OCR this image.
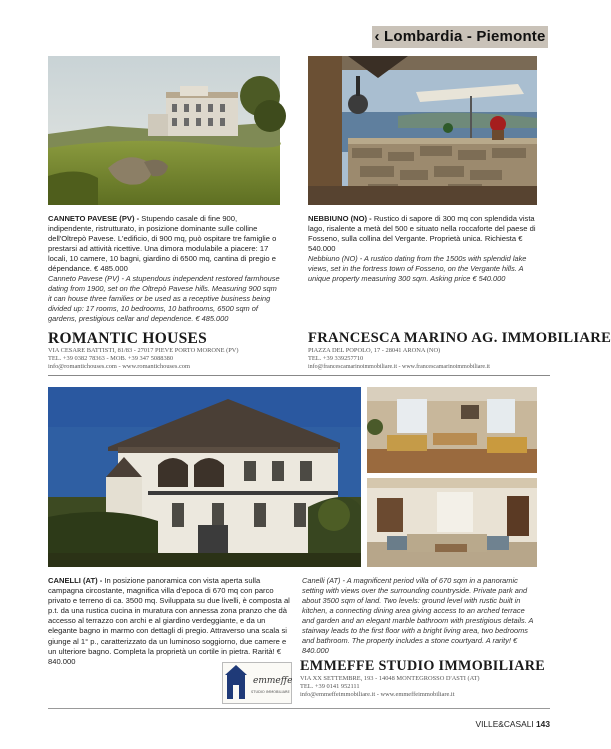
‹ Lombardia - Piemonte
CANNETO PAVESE (PV) - Stupendo casale di fine 900, indipendente, ristrutturato, in posizione dominante sulle colline dell'Oltrepò Pavese. L'edificio, di 900 mq, può ospitare tre famiglie o prestarsi ad attività ricettive. Una dimora modulabile a piacere: 17 locali, 10 camere, 10 bagni, giardino di 6500 mq, cantina di pregio e dépendance. € 485.000
Canneto Pavese (PV) - A stupendous independent restored farmhouse dating from 1900, set on the Oltrepò Pavese hills. Measuring 900 sqm it can house three families or be used as a receptive business being divided up: 17 rooms, 10 bedrooms, 10 bathrooms, 6500 sqm of gardens, prestigious cellar and dependence. € 485.000
NEBBIUNO (NO) - Rustico di sapore di 300 mq con splendida vista lago, risalente a metà del 500 e situato nella roccaforte del paese di Fosseno, sulla collina del Vergante. Proprietà unica. Richiesta € 540.000
Nebbiuno (NO) - A rustico dating from the 1500s with splendid lake views, set in the fortress town of Fosseno, on the Vergante hills. A unique property measuring 300 sqm. Asking price € 540.000
ROMANTIC HOUSES
VIA CESARE BATTISTI, 81/83 - 27017 PIEVE PORTO MORONE (PV)
TEL. +39 0382 78363 - MOB. +39 347 5088380
info@romantichouses.com - www.romantichouses.com
FRANCESCA MARINO AG. IMMOBILIARE
PIAZZA DEL POPOLO, 17 - 28041 ARONA (NO)
TEL. +39 339257710
info@francescamarinoimmobiliare.it - www.francescamarinoimmobiliare.it
CANELLI (AT) - In posizione panoramica con vista aperta sulla campagna circostante, magnifica villa d'epoca di 670 mq con parco privato e terreno di ca. 3500 mq. Sviluppata su due livelli, è composta al p.t. da una rustica cucina in muratura con annessa zona pranzo che dà accesso al terrazzo con archi e al giardino verdeggiante, e da un elegante bagno in marmo con dettagli di pregio. Attraverso una scala si giunge al 1° p., caratterizzato da un luminoso soggiorno, due camere e un ulteriore bagno. Completa la proprietà un cortile in pietra. Rarità! € 840.000
Canelli (AT) - A magnificent period villa of 670 sqm in a panoramic setting with views over the surrounding countryside. Private park and about 3500 sqm of land. Two levels: ground level with rustic built in kitchen, a connecting dining area giving access to an arched terrace and garden and an elegant marble bathroom with prestigious details. A stairway leads to the first floor with a bright living area, two bedrooms and bathroom. The property includes a stone courtyard. A rarity! € 840.000
emmeffe
STUDIO IMMOBILIARE
EMMEFFE STUDIO IMMOBILIARE
VIA XX SETTEMBRE, 193 - 14048 MONTEGROSSO D'ASTI (AT)
TEL. +39 0141 952111
info@emmeffeimmobiliare.it - www.emmeffeimmobiliare.it
VILLE&CASALI 143
